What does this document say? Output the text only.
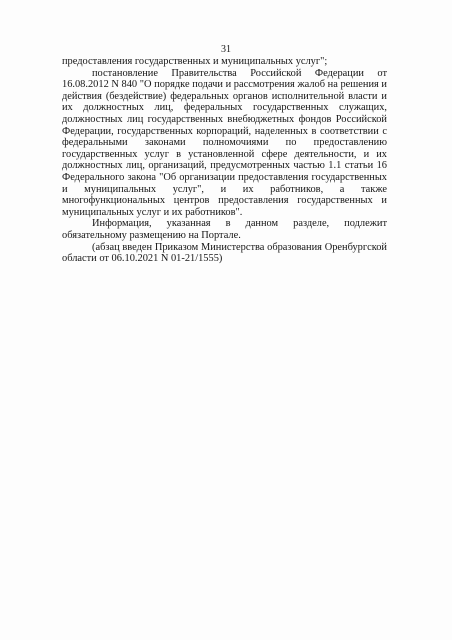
31

предоставления государственных и муниципальных услуг";

постановление Правительства Российской Федерации от 16.08.2012 N 840 "О порядке подачи и рассмотрения жалоб на решения и действия (бездействие) федеральных органов исполнительной власти и их должностных лиц, федеральных государственных служащих, должностных лиц государственных внебюджетных фондов Российской Федерации, государственных корпораций, наделенных в соответствии с федеральными законами полномочиями по предоставлению государственных услуг в установленной сфере деятельности, и их должностных лиц, организаций, предусмотренных частью 1.1 статьи 16 Федерального закона "Об организации предоставления государственных и муниципальных услуг", и их работников, а также многофункциональных центров предоставления государственных и муниципальных услуг и их работников".

Информация, указанная в данном разделе, подлежит обязательному размещению на Портале.

(абзац введен Приказом Министерства образования Оренбургской области от 06.10.2021 N 01-21/1555)
